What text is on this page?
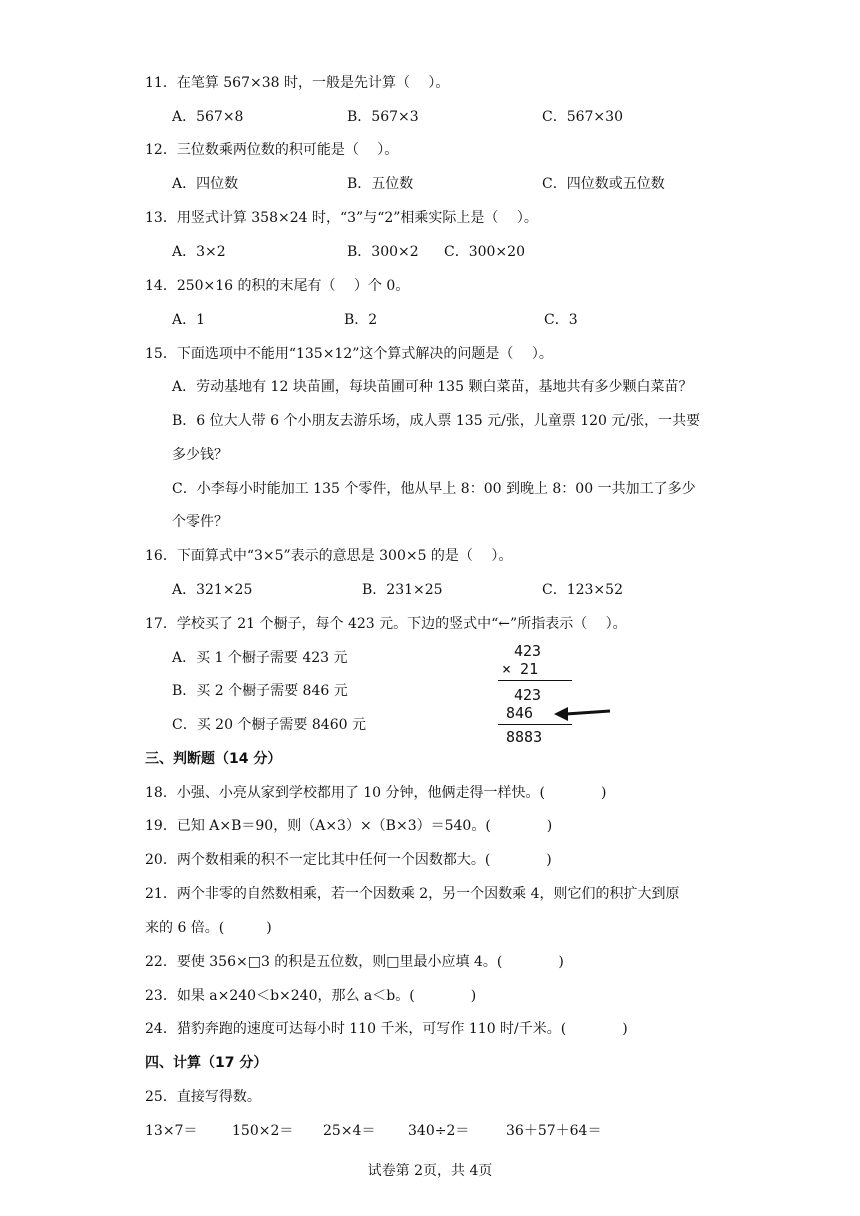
11．在笔算 567×38 时，一般是先计算（　 ）。
A．567×8	B．567×3	C．567×30
12．三位数乘两位数的积可能是（　 ）。
A．四位数	B．五位数	C．四位数或五位数
13．用竖式计算 358×24 时，“3”与“2”相乘实际上是（　 ）。
A．3×2	B．300×2 C．300×20
14．250×16 的积的末尾有（　 ）个 0。
A．1	B．2	C．3
15．下面选项中不能用“135×12”这个算式解决的问题是（　 ）。
A．劳动基地有 12 块苗圃，每块苗圃可种 135 颗白菜苗，基地共有多少颗白菜苗？
B．6 位大人带 6 个小朋友去游乐场，成人票 135 元/张，儿童票 120 元/张，一共要
多少钱？
C．小李每小时能加工 135 个零件，他从早上 8：00 到晚上 8：00 一共加工了多少
个零件？
16．下面算式中“3×5”表示的意思是 300×5 的是（　 ）。
A．321×25	B．231×25	C．123×52
17．学校买了 21 个橱子，每个 423 元。下边的竖式中“←”所指表示（　 ）。
A．买 1 个橱子需要 423 元
B．买 2 个橱子需要 846 元
C．买 20 个橱子需要 8460 元
423
× 21
423
846
8883
三、判断题（14 分）
18．小强、小亮从家到学校都用了 10 分钟，他俩走得一样快。(　　　　)
19．已知 A×B＝90，则（A×3）×（B×3）＝540。(　　　　)
20．两个数相乘的积不一定比其中任何一个因数都大。(　　　　)
21．两个非零的自然数相乘，若一个因数乘 2，另一个因数乘 4，则它们的积扩大到原
来的 6 倍。(　　　)
22．要使 356×□3 的积是五位数，则□里最小应填 4。(　　　　)
23．如果 a×240＜b×240，那么 a＜b。(　　　　)
24．猎豹奔跑的速度可达每小时 110 千米，可写作 110 时/千米。(　　　　)
四、计算（17 分）
25．直接写得数。
13×7＝ 150×2＝ 25×4＝ 340÷2＝	36＋57＋64＝
试卷第 2页，共 4页
